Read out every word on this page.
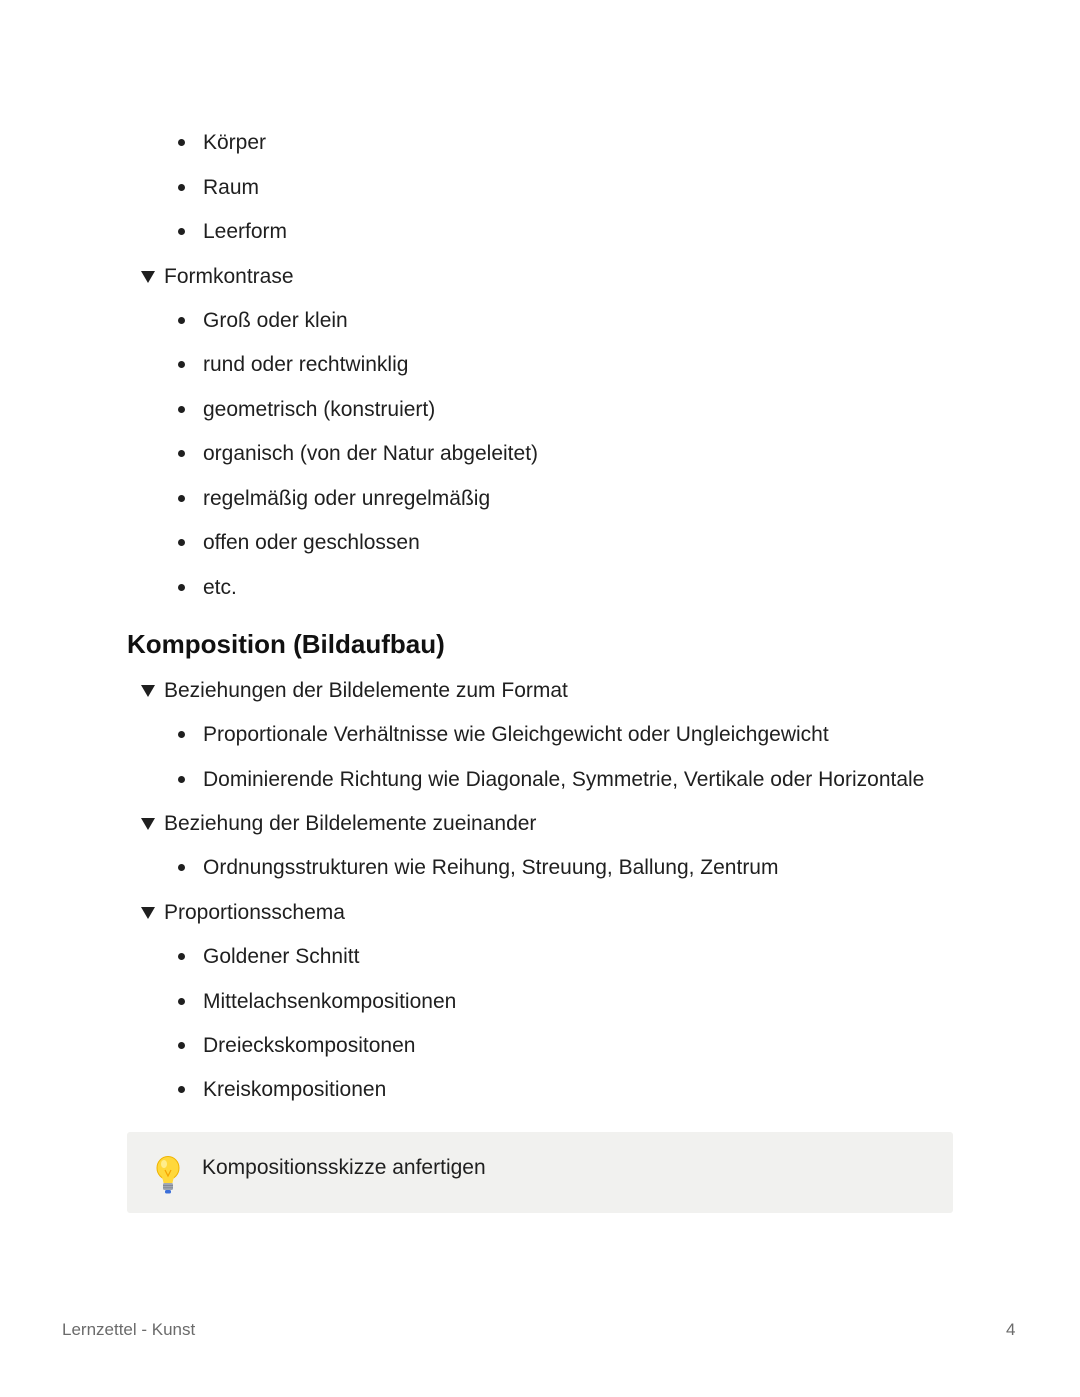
Körper
Raum
Leerform
Formkontrase
Groß oder klein
rund oder rechtwinklig
geometrisch (konstruiert)
organisch (von der Natur abgeleitet)
regelmäßig oder unregelmäßig
offen oder geschlossen
etc.
Komposition (Bildaufbau)
Beziehungen der Bildelemente zum Format
Proportionale Verhältnisse wie Gleichgewicht oder Ungleichgewicht
Dominierende Richtung wie Diagonale, Symmetrie, Vertikale oder Horizontale
Beziehung der Bildelemente zueinander
Ordnungsstrukturen wie Reihung, Streuung, Ballung, Zentrum
Proportionsschema
Goldener Schnitt
Mittelachsenkompositionen
Dreieckskompositonen
Kreiskompositionen
Kompositionsskizze anfertigen
Lernzettel - Kunst	4
